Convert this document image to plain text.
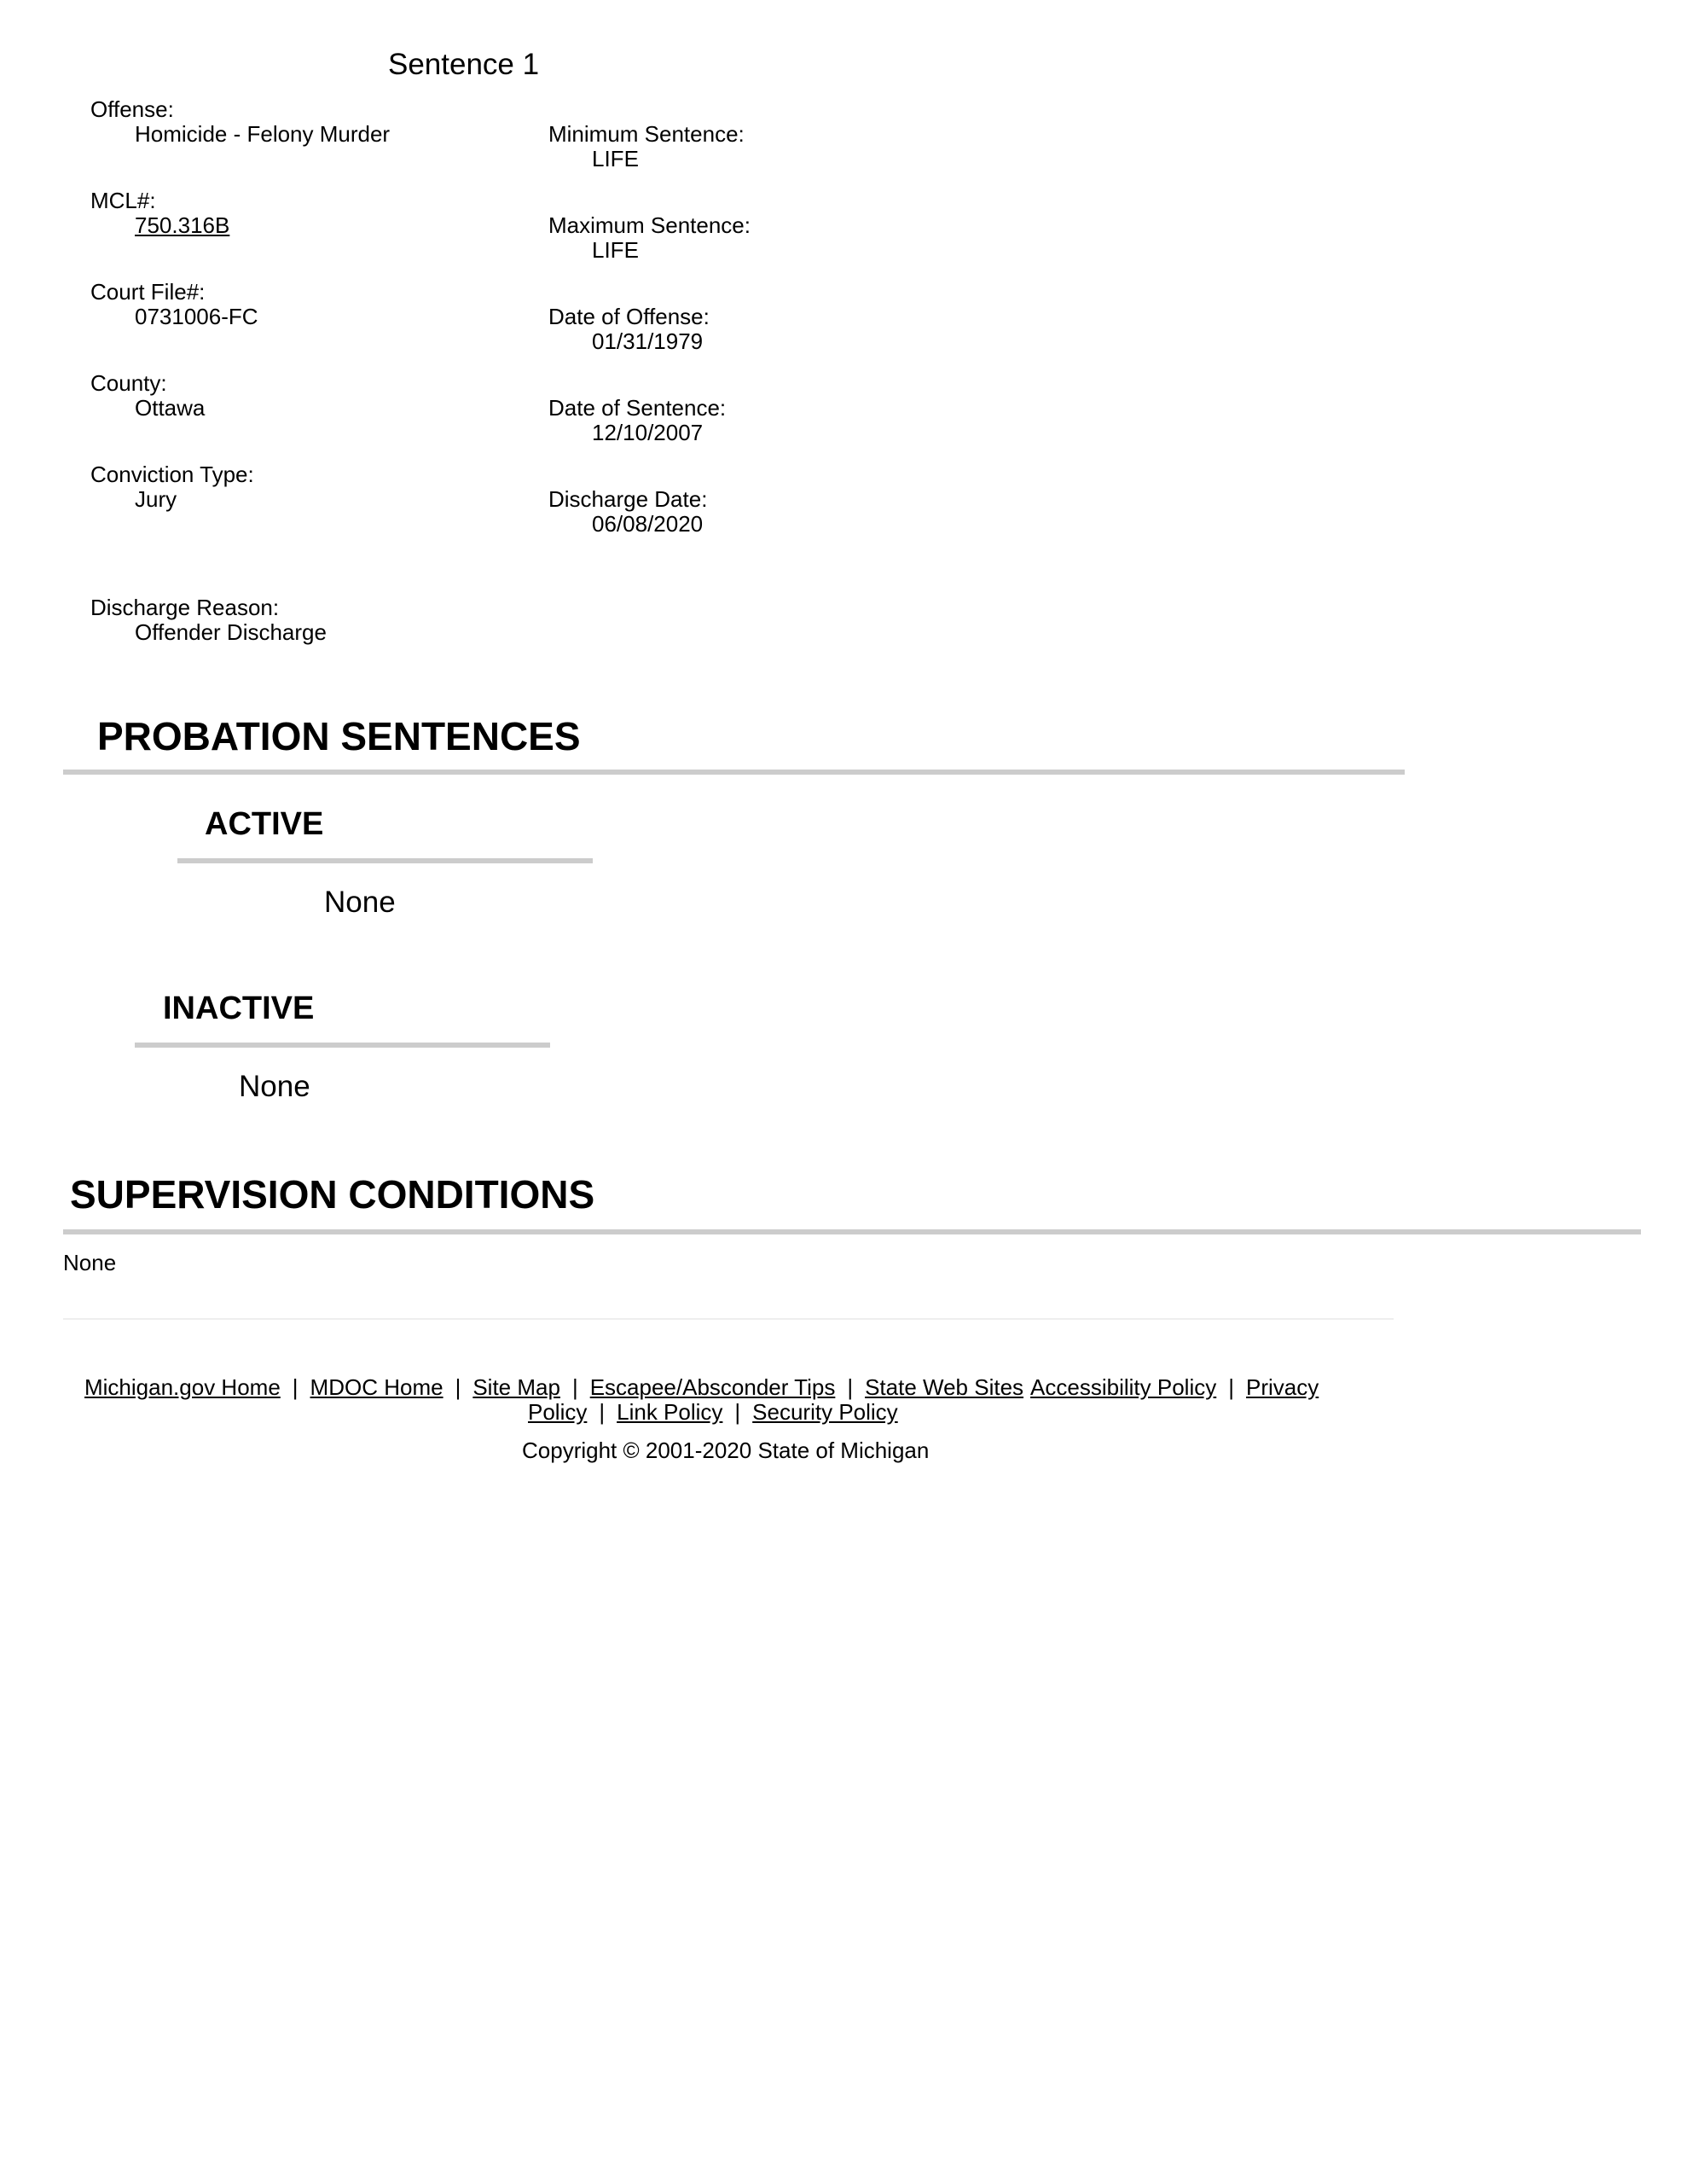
Sentence 1
Offense:
Homicide - Felony Murder
MCL#:
750.316B
Court File#:
0731006-FC
County:
Ottawa
Conviction Type:
Jury
Minimum Sentence:
LIFE
Maximum Sentence:
LIFE
Date of Offense:
01/31/1979
Date of Sentence:
12/10/2007
Discharge Date:
06/08/2020
Discharge Reason:
Offender Discharge
PROBATION SENTENCES
ACTIVE
None
INACTIVE
None
SUPERVISION CONDITIONS
None
Michigan.gov Home | MDOC Home | Site Map | Escapee/Absconder Tips | State Web Sites Accessibility Policy | Privacy
Policy | Link Policy | Security Policy
Copyright © 2001-2020 State of Michigan
